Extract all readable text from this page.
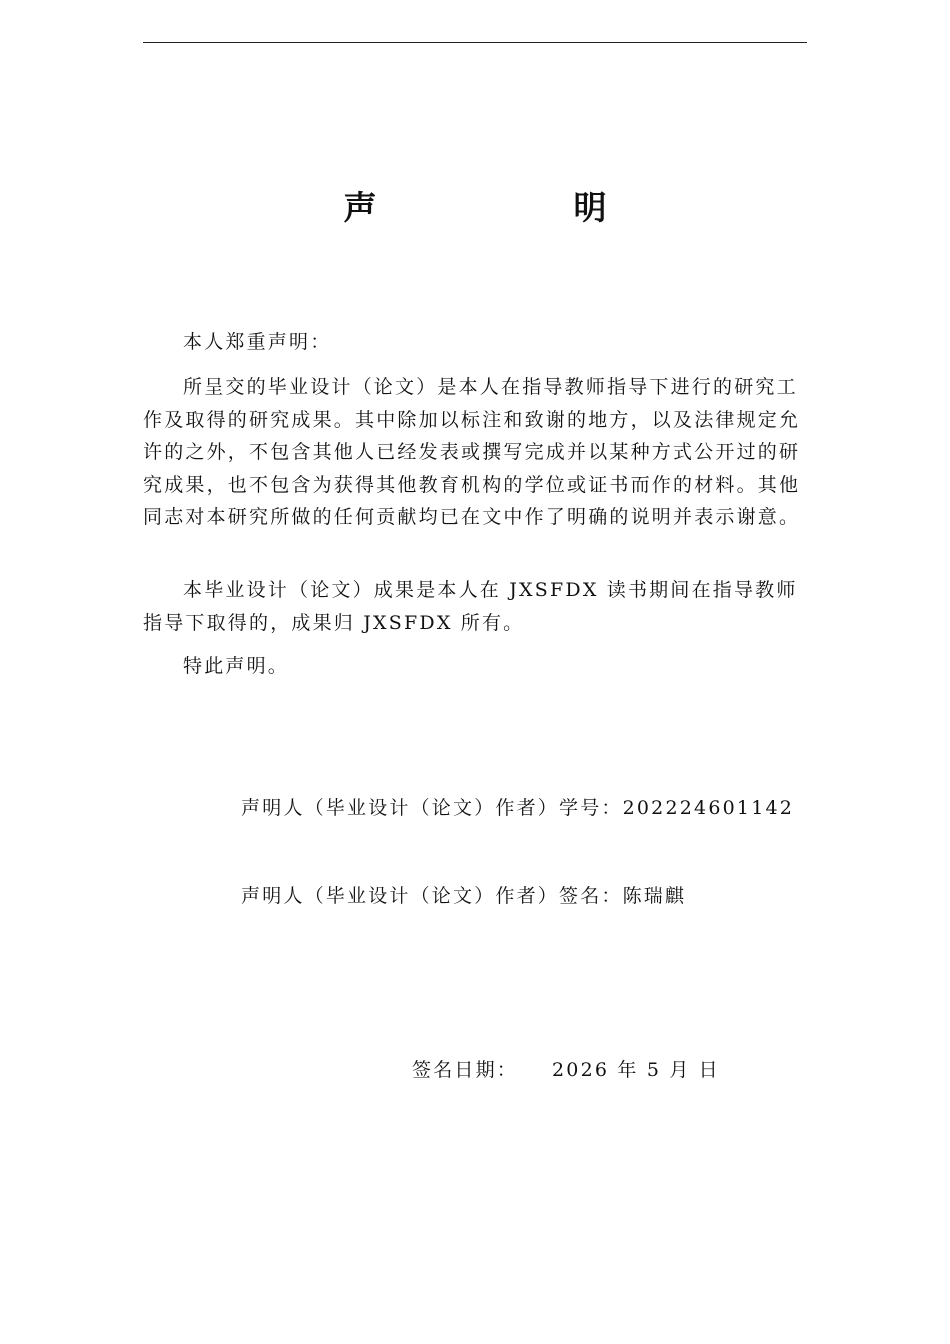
声　明

本人郑重声明：

所呈交的毕业设计（论文）是本人在指导教师指导下进行的研究工作及取得的研究成果。其中除加以标注和致谢的地方，以及法律规定允许的之外，不包含其他人已经发表或撰写完成并以某种方式公开过的研究成果，也不包含为获得其他教育机构的学位或证书而作的材料。其他同志对本研究所做的任何贡献均已在文中作了明确的说明并表示谢意。

本毕业设计（论文）成果是本人在 JXSFDX 读书期间在指导教师指导下取得的，成果归 JXSFDX 所有。

特此声明。

声明人（毕业设计（论文）作者）学号：202224601142
声明人（毕业设计（论文）作者）签名：陈瑞麒
签名日期： 2026 年 5 月 日
